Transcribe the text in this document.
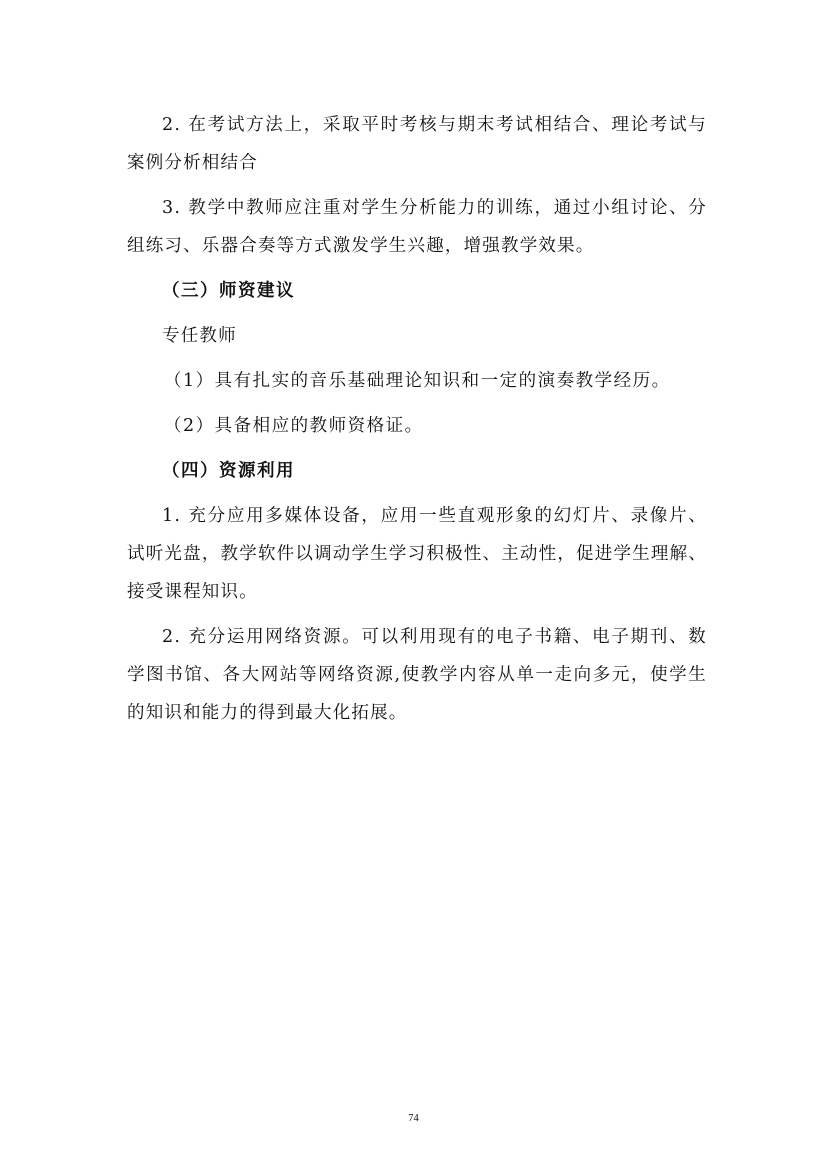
2. 在考试方法上，采取平时考核与期末考试相结合、理论考试与案例分析相结合

3. 教学中教师应注重对学生分析能力的训练，通过小组讨论、分组练习、乐器合奏等方式激发学生兴趣，增强教学效果。

（三）师资建议

专任教师

（1）具有扎实的音乐基础理论知识和一定的演奏教学经历。

（2）具备相应的教师资格证。

（四）资源利用

1. 充分应用多媒体设备，应用一些直观形象的幻灯片、录像片、试听光盘，教学软件以调动学生学习积极性、主动性，促进学生理解、接受课程知识。

2. 充分运用网络资源。可以利用现有的电子书籍、电子期刊、数学图书馆、各大网站等网络资源,使教学内容从单一走向多元，使学生的知识和能力的得到最大化拓展。

74
